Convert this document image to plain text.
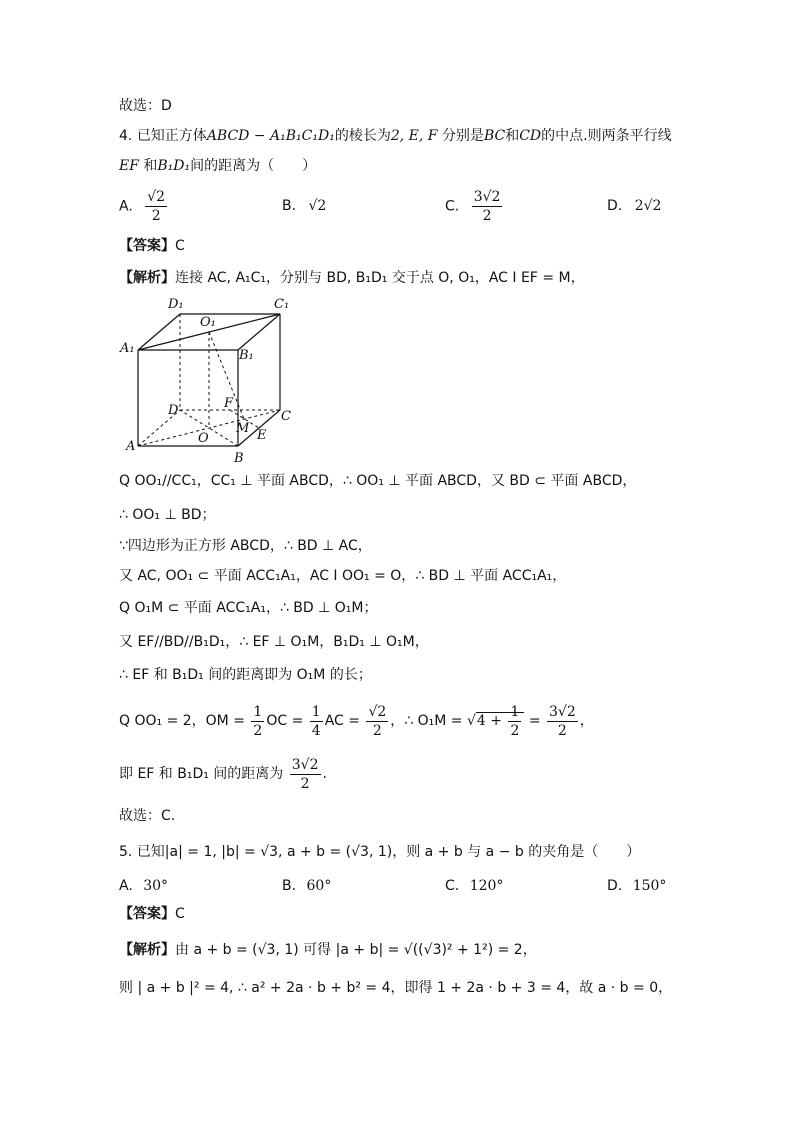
故选：D
4. 已知正方体ABCD − A₁B₁C₁D₁的棱长为2, E, F 分别是BC和CD的中点.则两条平行线
EF 和B₁D₁间的距离为（　　）
A. $\frac{√2}{2}$	B. √2	C. $\frac{3√2}{2}$	D. 2√2
【答案】C
【解析】连接 AC, A₁C₁，分别与 BD, B₁D₁ 交于点 O, O₁，AC I EF = M，
D₁	C₁
O₁
A₁	B₁
D	F
C
M E
A
O
B
Q OO₁//CC₁，CC₁ ⊥ 平面 ABCD，∴ OO₁ ⊥ 平面 ABCD，又 BD ⊂ 平面 ABCD，
∴ OO₁ ⊥ BD；
∵四边形为正方形 ABCD，∴ BD ⊥ AC，
又 AC, OO₁ ⊂ 平面 ACC₁A₁，AC I OO₁ = O，∴ BD ⊥ 平面 ACC₁A₁，
Q O₁M ⊂ 平面 ACC₁A₁，∴ BD ⊥ O₁M；
又 EF//BD//B₁D₁，∴ EF ⊥ O₁M，B₁D₁ ⊥ O₁M，
∴ EF 和 B₁D₁ 间的距离即为 O₁M 的长；
Q OO₁ = 2，OM = $\frac{1}{2}$ OC = $\frac{1}{4}$ AC = $\frac{√2}{2}$ ，∴ $O_1M = √4 + \frac{1}{2} = \frac{3√2}{2}$ ，
即 EF 和 B₁D₁ 间的距离为 $\frac{3√2}{2}$ .
故选：C.
5. 已知|a| = 1, |b| = √3, a + b = (√3, 1)，则 a + b 与 a − b 的夹角是（　　）
A. 30°	B. 60°	C. 120°	D. 150°
【答案】C
【解析】由 a + b = (√3, 1) 可得 |a + b| = √((√3)² + 1²) = 2，
则 | a + b |² = 4, ∴ a² + 2a · b + b² = 4，即得 1 + 2a · b + 3 = 4，故 a · b = 0，
